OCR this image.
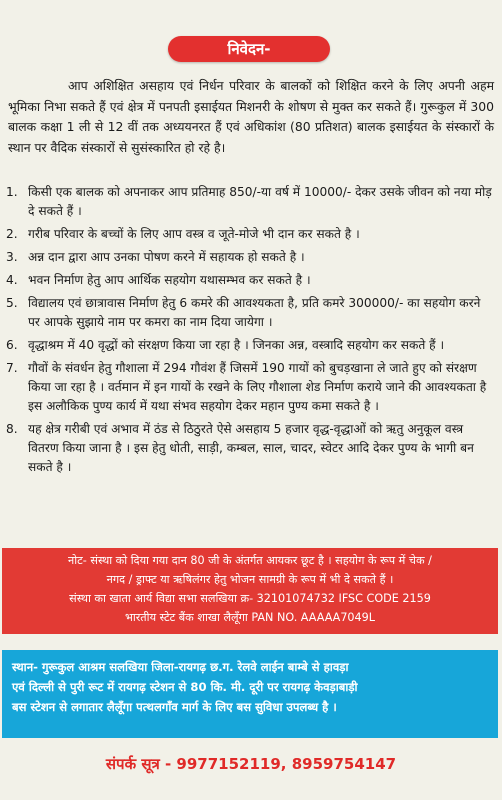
निवेदन-
आप अशिक्षित असहाय एवं निर्धन परिवार के बालकों को शिक्षित करने के लिए अपनी अहम भूमिका निभा सकते हैं एवं क्षेत्र में पनपती इसाईयत मिशनरी के शोषण से मुक्त कर सकते हैं। गुरूकुल में 300 बालक कक्षा 1 ली से 12 वीं तक अध्ययनरत हैं एवं अधिकांश (80 प्रतिशत) बालक इसाईयत के संस्कारों के स्थान पर वैदिक संस्कारों से सुसंस्कारित हो रहे है।
1. किसी एक बालक को अपनाकर आप प्रतिमाह 850/-या वर्ष में 10000/- देकर उसके जीवन को नया मोड़ दे सकते हैं ।
2. गरीब परिवार के बच्चों के लिए आप वस्त्र व जूते-मोजे भी दान कर सकते है ।
3. अन्न दान द्वारा आप उनका पोषण करने में सहायक हो सकते है ।
4. भवन निर्माण हेतु आप आर्थिक सहयोग यथासम्भव कर सकते है ।
5. विद्यालय एवं छात्रावास निर्माण हेतु 6 कमरे की आवश्यकता है, प्रति कमरे 300000/- का सहयोग करने पर आपके सुझाये नाम पर कमरा का नाम दिया जायेगा ।
6. वृद्धाश्रम में 40 वृद्धों को संरक्षण किया जा रहा है । जिनका अन्न, वस्त्रादि सहयोग कर सकते हैं ।
7. गौवों के संवर्धन हेतु गौशाला में 294 गौवंश हैं जिसमें 190 गायों को बुचड़खाना ले जाते हुए को संरक्षण किया जा रहा है । वर्तमान में इन गायों के रखने के लिए गौशाला शेड निर्माण कराये जाने की आवश्यकता है इस अलौकिक पुण्य कार्य में यथा संभव सहयोग देकर महान पुण्य कमा सकते है ।
8. यह क्षेत्र गरीबी एवं अभाव में ठंड से ठिठुरते ऐसे असहाय 5 हजार वृद्ध-वृद्धाओं को ऋतु अनुकूल वस्त्र वितरण किया जाना है । इस हेतु धोती, साड़ी, कम्बल, साल, चादर, स्वेटर आदि देकर पुण्य के भागी बन सकते है ।
नोट- संस्था को दिया गया दान 80 जी के अंतर्गत आयकर छूट है । सहयोग के रूप में चेक /
नगद / ड्राफ्ट या ऋषिलंगर हेतु भोजन सामग्री के रूप में भी दे सकते हैं ।
संस्था का खाता आर्य विद्या सभा सलखिया क्र- 32101074732 IFSC CODE 2159
भारतीय स्टेट बैंक शाखा लैलूँगा PAN NO. AAAAA7049L
स्थान- गुरूकुल आश्रम सलखिया जिला-रायगढ़ छ.ग. रेलवे लाईन बाम्बे से हावड़ा
एवं दिल्ली से पुरी रूट में रायगढ़ स्टेशन से 80 कि. मी. दूरी पर रायगढ़ केवड़ाबाड़ी
बस स्टेशन से लगातार लैलूँगा पत्थलगाँव मार्ग के लिए बस सुविधा उपलब्ध है ।
संपर्क सूत्र - 9977152119, 8959754147
